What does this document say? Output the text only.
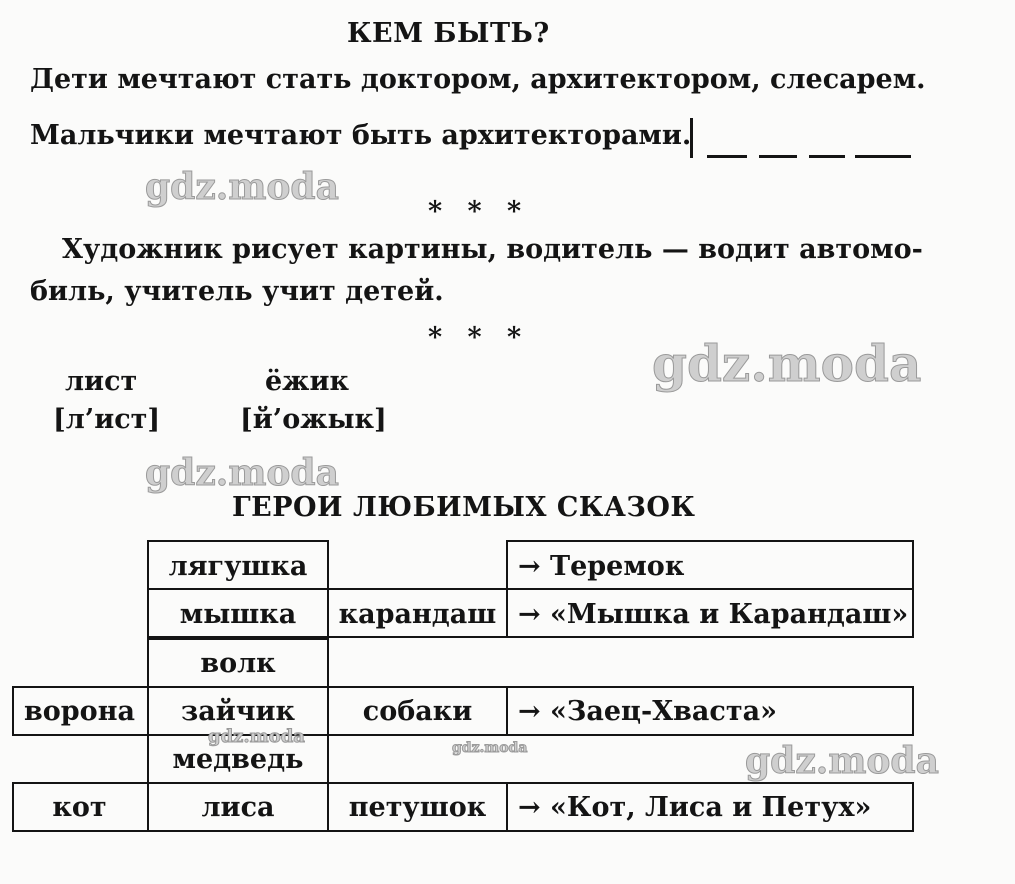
КЕМ БЫТЬ?
Дети мечтают стать доктором, архитектором, слесарем.
Мальчики мечтают быть архитекторами.
gdz.moda
* * *
Художник рисует картины, водитель — водит автомо-
биль, учитель учит детей.
* * * gdz.moda
лист
[л’ист]
ёжик
[й’ожык]
gdz.moda
ГЕРОИ ЛЮБИМЫХ СКАЗОК
ворона
кот
лягушка
мышка
волк
зайчик
медведь
лиса
карандаш
собаки
петушок
→ Теремок
→ «Мышка и Карандаш»
→ «Заец-Хваста»
→ «Кот, Лиса и Петух»
gdz.moda
gdz.moda	gdz.moda
